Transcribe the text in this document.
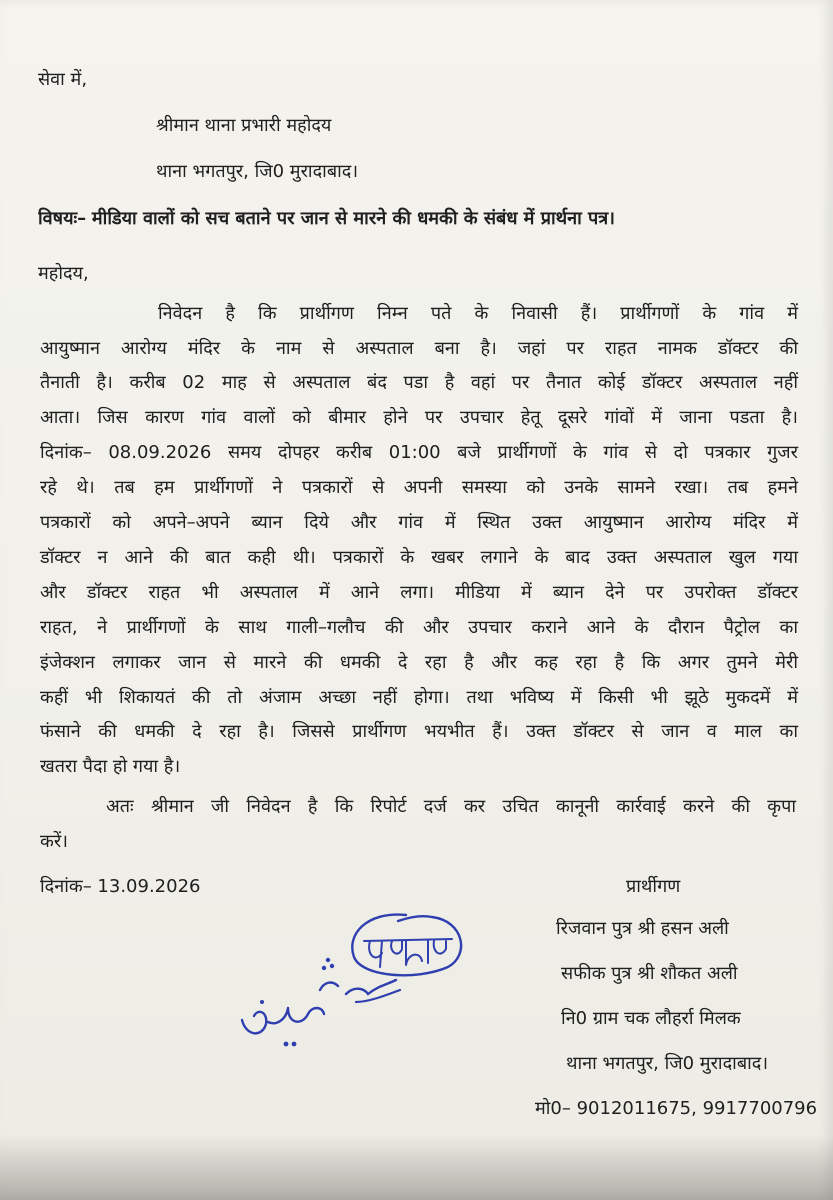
सेवा में,

श्रीमान थाना प्रभारी महोदय

थाना भगतपुर, जि0 मुरादाबाद।

विषयः– मीडिया वालों को सच बताने पर जान से मारने की धमकी के संबंध में प्रार्थना पत्र।

महोदय,

निवेदन है कि प्रार्थीगण निम्न पते के निवासी हैं। प्रार्थीगणों के गांव में

आयुष्मान आरोग्य मंदिर के नाम से अस्पताल बना है। जहां पर राहत नामक डॉक्टर की

तैनाती है। करीब 02 माह से अस्पताल बंद पडा है वहां पर तैनात कोई डॉक्टर अस्पताल नहीं

आता। जिस कारण गांव वालों को बीमार होने पर उपचार हेतू दूसरे गांवों में जाना पडता है।

दिनांक– 08.09.2026 समय दोपहर करीब 01:00 बजे प्रार्थीगणों के गांव से दो पत्रकार गुजर

रहे थे। तब हम प्रार्थीगणों ने पत्रकारों से अपनी समस्या को उनके सामने रखा। तब हमने

पत्रकारों को अपने–अपने ब्यान दिये और गांव में स्थित उक्त आयुष्मान आरोग्य मंदिर में

डॉक्टर न आने की बात कही थी। पत्रकारों के खबर लगाने के बाद उक्त अस्पताल खुल गया

और डॉक्टर राहत भी अस्पताल में आने लगा। मीडिया में ब्यान देने पर उपरोक्त डॉक्टर

राहत, ने प्रार्थीगणों के साथ गाली–गलौच की और उपचार कराने आने के दौरान पैट्रोल का

इंजेक्शन लगाकर जान से मारने की धमकी दे रहा है और कह रहा है कि अगर तुमने मेरी

कहीं भी शिकायतं की तो अंजाम अच्छा नहीं होगा। तथा भविष्य में किसी भी झूठे मुकदमें में

फंसाने की धमकी दे रहा है। जिससे प्रार्थीगण भयभीत हैं। उक्त डॉक्टर से जान व माल का

खतरा पैदा हो गया है।

अतः श्रीमान जी निवेदन है कि रिपोर्ट दर्ज कर उचित कानूनी कार्रवाई करने की कृपा

करें।

दिनांक– 13.09.2026	प्रार्थीगण

रिजवान पुत्र श्री हसन अली

सफीक पुत्र श्री शौकत अली

नि0 ग्राम चक लौहर्रा मिलक

थाना भगतपुर, जि0 मुरादाबाद।

मो0– 9012011675, 9917700796
